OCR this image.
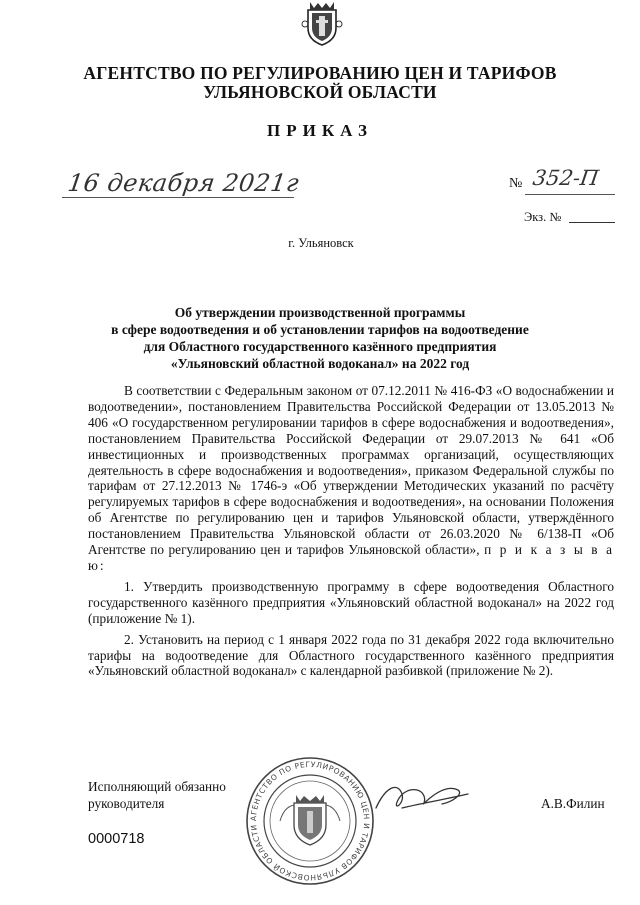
АГЕНТСТВО ПО РЕГУЛИРОВАНИЮ ЦЕН И ТАРИФОВ
УЛЬЯНОВСКОЙ ОБЛАСТИ
ПРИКАЗ
16 декабря 2021г	№ 352-П
Экз. №
г. Ульяновск
Об утверждении производственной программы
в сфере водоотведения и об установлении тарифов на водоотведение
для Областного государственного казённого предприятия
«Ульяновский областной водоканал» на 2022 год

В соответствии с Федеральным законом от 07.12.2011 № 416-ФЗ «О водоснабжении и водоотведении», постановлением Правительства Российской Федерации от 13.05.2013 № 406 «О государственном регулировании тарифов в сфере водоснабжения и водоотведения», постановлением Правительства Российской Федерации от 29.07.2013 № 641 «Об инвестиционных и производственных программах организаций, осуществляющих деятельность в сфере водоснабжения и водоотведения», приказом Федеральной службы по тарифам от 27.12.2013 № 1746-э «Об утверждении Методических указаний по расчёту регулируемых тарифов в сфере водоснабжения и водоотведения», на основании Положения об Агентстве по регулированию цен и тарифов Ульяновской области, утверждённого постановлением Правительства Ульяновской области от 26.03.2020 № 6/138-П «Об Агентстве по регулированию цен и тарифов Ульяновской области», п р и к а з ы в а ю:

1. Утвердить производственную программу в сфере водоотведения Областного государственного казённого предприятия «Ульяновский областной водоканал» на 2022 год (приложение № 1).

2. Установить на период с 1 января 2022 года по 31 декабря 2022 года включительно тарифы на водоотведение для Областного государственного казённого предприятия «Ульяновский областной водоканал» с календарной разбивкой (приложение № 2).

Исполняющий обязанно
руководителя	А.В.Филин
АГЕНТСТВО ПО РЕГУЛИРОВАНИЮ ЦЕН И ТАРИФОВ УЛЬЯНОВСКОЙ ОБЛАСТИ
0000718
